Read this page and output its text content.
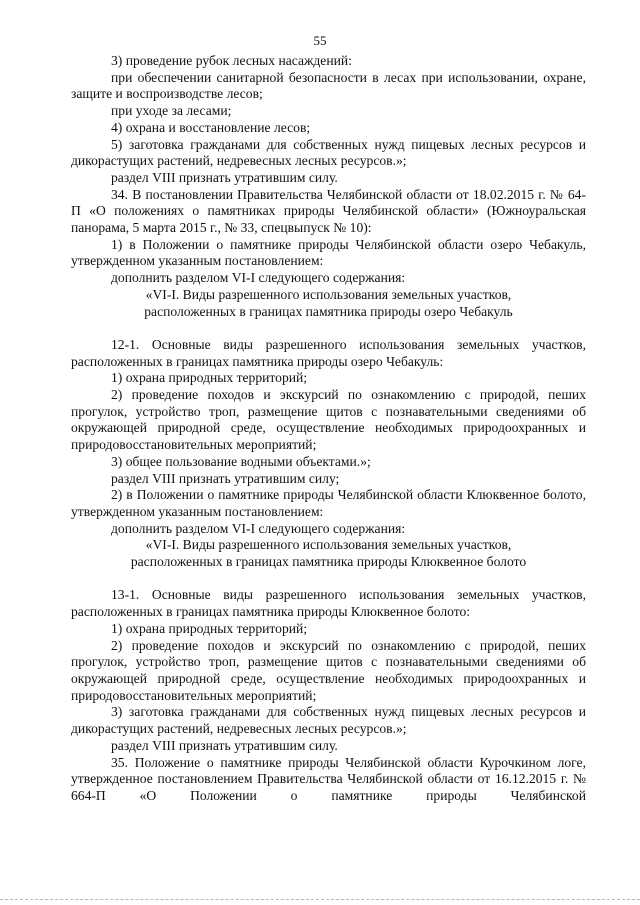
55

3) проведение рубок лесных насаждений:

при обеспечении санитарной безопасности в лесах при использовании, охране, защите и воспроизводстве лесов;

при уходе за лесами;

4) охрана и восстановление лесов;

5) заготовка гражданами для собственных нужд пищевых лесных ресурсов и дикорастущих растений, недревесных лесных ресурсов.»;

раздел VIII признать утратившим силу.

34. В постановлении Правительства Челябинской области от 18.02.2015 г. № 64-П «О положениях о памятниках природы Челябинской области» (Южноуральская панорама, 5 марта 2015 г., № 33, спецвыпуск № 10):

1) в Положении о памятнике природы Челябинской области озеро Чебакуль, утвержденном указанным постановлением:

дополнить разделом VI-I следующего содержания:

«VI-I. Виды разрешенного использования земельных участков,

расположенных в границах памятника природы озеро Чебакуль

12-1. Основные виды разрешенного использования земельных участков, расположенных в границах памятника природы озеро Чебакуль:

1) охрана природных территорий;

2) проведение походов и экскурсий по ознакомлению с природой, пеших прогулок, устройство троп, размещение щитов с познавательными сведениями об окружающей природной среде, осуществление необходимых природоохранных и природовосстановительных мероприятий;

3) общее пользование водными объектами.»;

раздел VIII признать утратившим силу;

2) в Положении о памятнике природы Челябинской области Клюквенное болото, утвержденном указанным постановлением:

дополнить разделом VI-I следующего содержания:

«VI-I. Виды разрешенного использования земельных участков,

расположенных в границах памятника природы Клюквенное болото

13-1. Основные виды разрешенного использования земельных участков, расположенных в границах памятника природы Клюквенное болото:

1) охрана природных территорий;

2) проведение походов и экскурсий по ознакомлению с природой, пеших прогулок, устройство троп, размещение щитов с познавательными сведениями об окружающей природной среде, осуществление необходимых природоохранных и природовосстановительных мероприятий;

3) заготовка гражданами для собственных нужд пищевых лесных ресурсов и дикорастущих растений, недревесных лесных ресурсов.»;

раздел VIII признать утратившим силу.

35. Положение о памятнике природы Челябинской области Курочкином логе, утвержденное постановлением Правительства Челябинской области от 16.12.2015 г. № 664-П «О Положении о памятнике природы Челябинской
